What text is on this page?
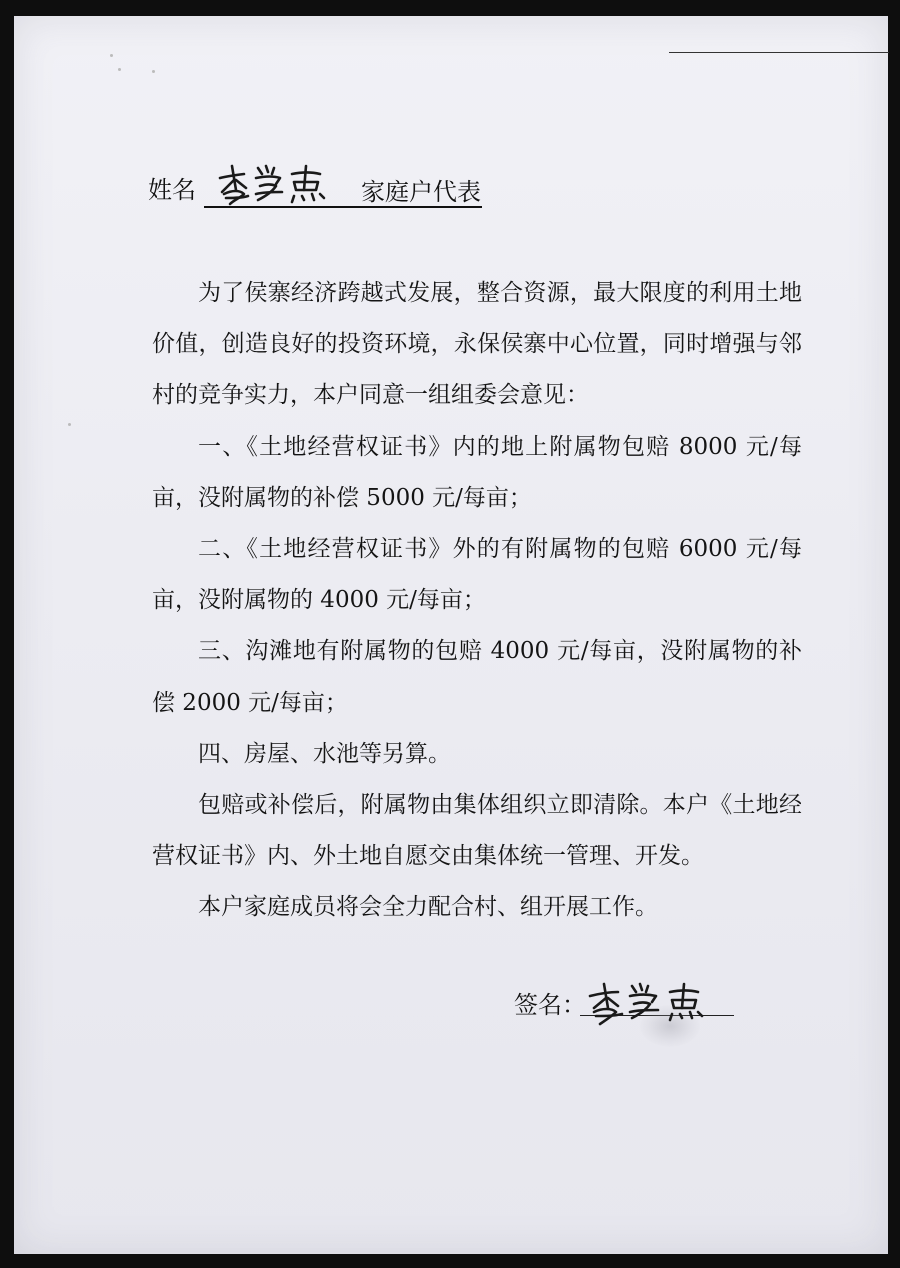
姓名	家庭户代表

为了侯寨经济跨越式发展，整合资源，最大限度的利用土地价值，创造良好的投资环境，永保侯寨中心位置，同时增强与邻村的竞争实力，本户同意一组组委会意见：

一、《土地经营权证书》内的地上附属物包赔 8000 元/每亩，没附属物的补偿 5000 元/每亩；

二、《土地经营权证书》外的有附属物的包赔 6000 元/每亩，没附属物的 4000 元/每亩；

三、沟滩地有附属物的包赔 4000 元/每亩，没附属物的补偿 2000 元/每亩；

四、房屋、水池等另算。

包赔或补偿后，附属物由集体组织立即清除。本户《土地经营权证书》内、外土地自愿交由集体统一管理、开发。

本户家庭成员将会全力配合村、组开展工作。

签名：
